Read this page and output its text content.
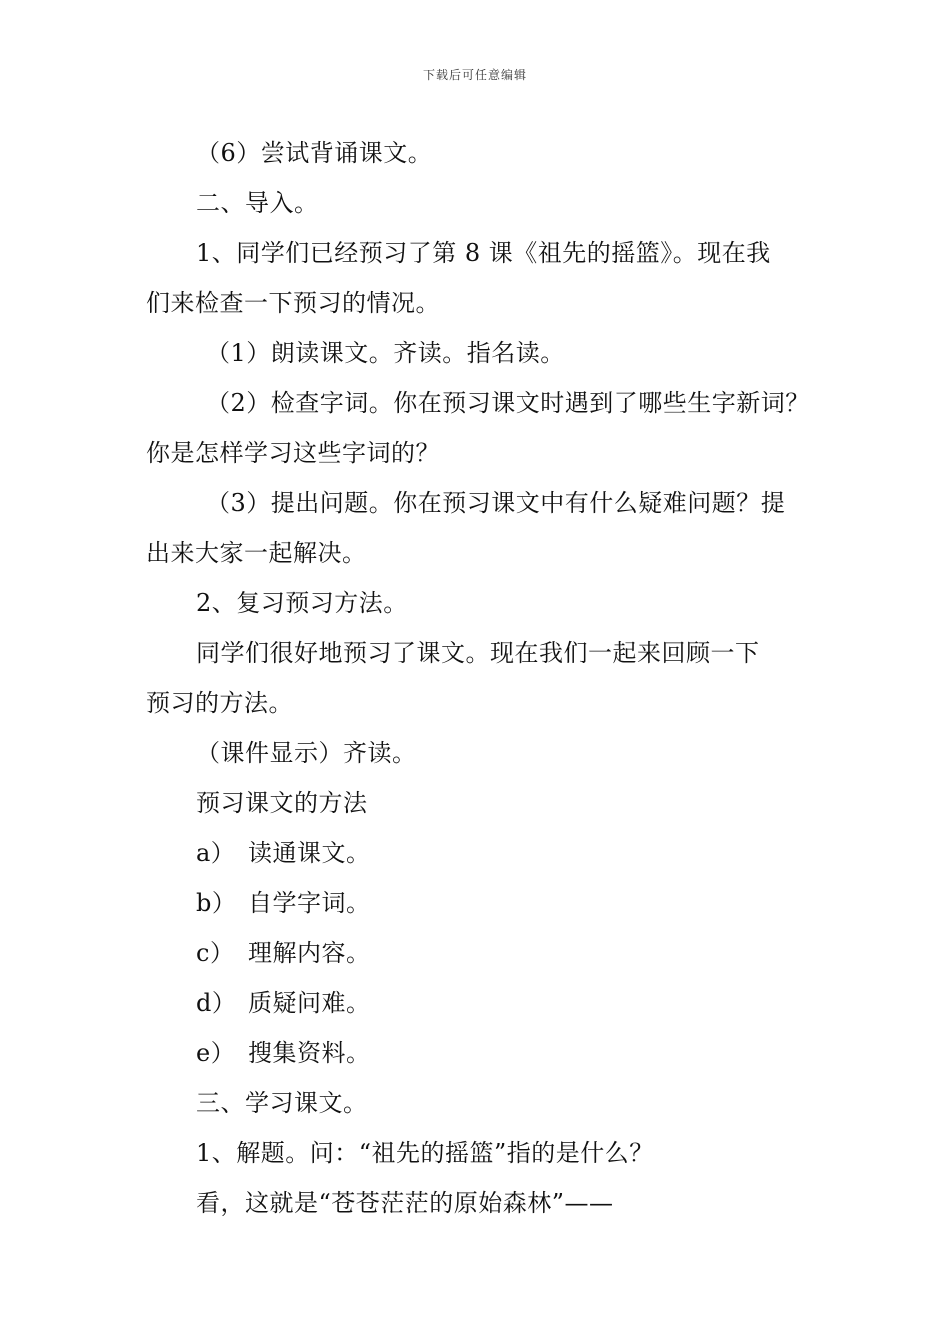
下载后可任意编辑
（6）尝试背诵课文。
二、导入。
1、同学们已经预习了第 8 课《祖先的摇篮》。现在我
们来检查一下预习的情况。
（1）朗读课文。齐读。指名读。
（2）检查字词。你在预习课文时遇到了哪些生字新词？
你是怎样学习这些字词的？
（3）提出问题。你在预习课文中有什么疑难问题？提
出来大家一起解决。
2、复习预习方法。
同学们很好地预习了课文。现在我们一起来回顾一下
预习的方法。
（课件显示）齐读。
预习课文的方法
a） 读通课文。
b） 自学字词。
c） 理解内容。
d） 质疑问难。
e） 搜集资料。
三、学习课文。
1、解题。问：“祖先的摇篮”指的是什么？
看，这就是“苍苍茫茫的原始森林”——
